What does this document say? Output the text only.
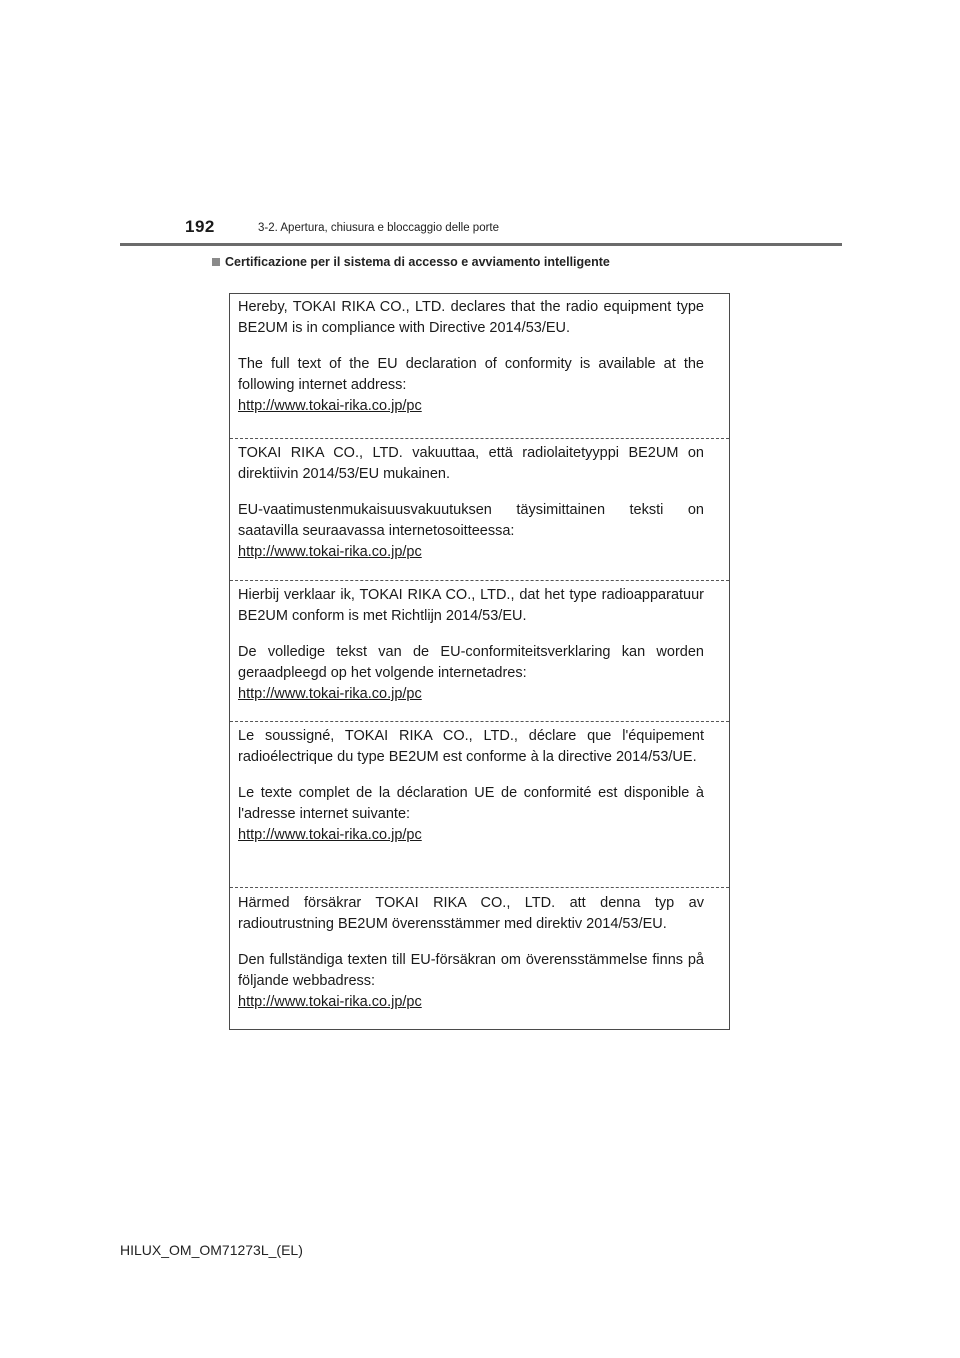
192	3-2. Apertura, chiusura e bloccaggio delle porte
Certificazione per il sistema di accesso e avviamento intelligente

Hereby, TOKAI RIKA CO., LTD. declares that the radio equipment type BE2UM is in compliance with Directive 2014/53/EU.

The full text of the EU declaration of conformity is available at the following internet address:

http://www.tokai-rika.co.jp/pc

TOKAI RIKA CO., LTD. vakuuttaa, että radiolaitetyyppi BE2UM on direktiivin 2014/53/EU mukainen.

EU-vaatimustenmukaisuusvakuutuksen täysimittainen teksti on saatavilla seuraavassa internetosoitteessa:

http://www.tokai-rika.co.jp/pc

Hierbij verklaar ik, TOKAI RIKA CO., LTD., dat het type radioapparatuur BE2UM conform is met Richtlijn 2014/53/EU.

De volledige tekst van de EU-conformiteitsverklaring kan worden geraadpleegd op het volgende internetadres:

http://www.tokai-rika.co.jp/pc

Le soussigné, TOKAI RIKA CO., LTD., déclare que l'équipement radioélectrique du type BE2UM est conforme à la directive 2014/53/UE.

Le texte complet de la déclaration UE de conformité est disponible à l'adresse internet suivante:

http://www.tokai-rika.co.jp/pc

Härmed försäkrar TOKAI RIKA CO., LTD. att denna typ av radioutrustning BE2UM överensstämmer med direktiv 2014/53/EU.

Den fullständiga texten till EU-försäkran om överensstämmelse finns på följande webbadress:

http://www.tokai-rika.co.jp/pc
HILUX_OM_OM71273L_(EL)
